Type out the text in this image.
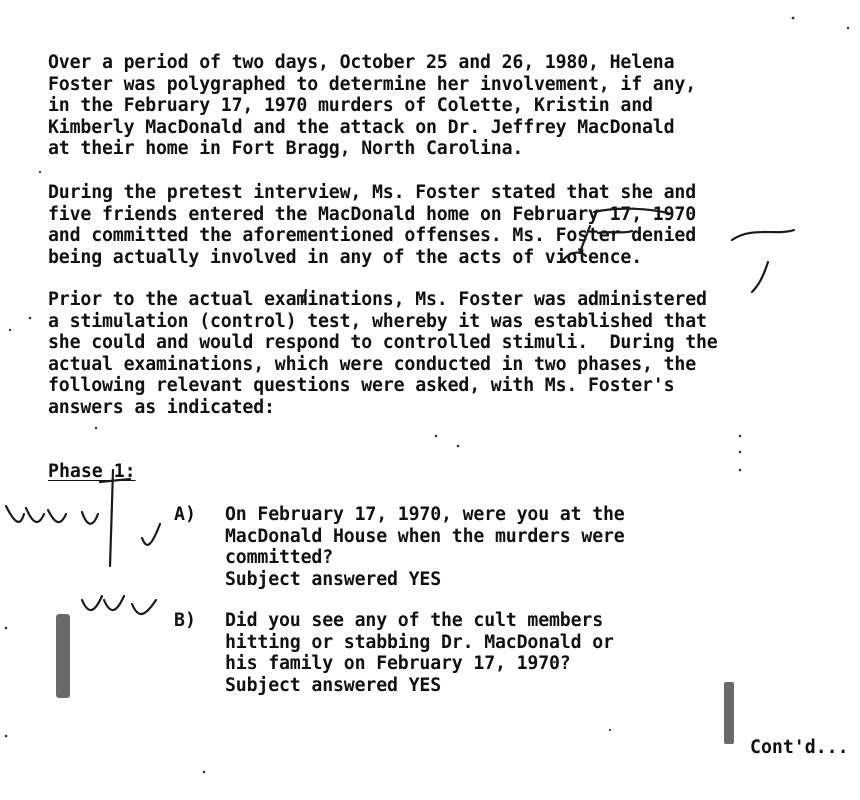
Over a period of two days, October 25 and 26, 1980, Helena
Foster was polygraphed to determine her involvement, if any,
in the February 17, 1970 murders of Colette, Kristin and
Kimberly MacDonald and the attack on Dr. Jeffrey MacDonald
at their home in Fort Bragg, North Carolina.
During the pretest interview, Ms. Foster stated that she and
five friends entered the MacDonald home on February 17, 1970
and committed the aforementioned offenses. Ms. Foster denied
being actually involved in any of the acts of violence.
Prior to the actual examinations, Ms. Foster was administered
a stimulation (control) test, whereby it was established that
she could and would respond to controlled stimuli.  During the
actual examinations, which were conducted in two phases, the
following relevant questions were asked, with Ms. Foster's
answers as indicated:

Phase 1:

A) On February 17, 1970, were you at the
MacDonald House when the murders were
committed?
Subject answered YES

B) Did you see any of the cult members
hitting or stabbing Dr. MacDonald or
his family on February 17, 1970?
Subject answered YES

Cont'd...
